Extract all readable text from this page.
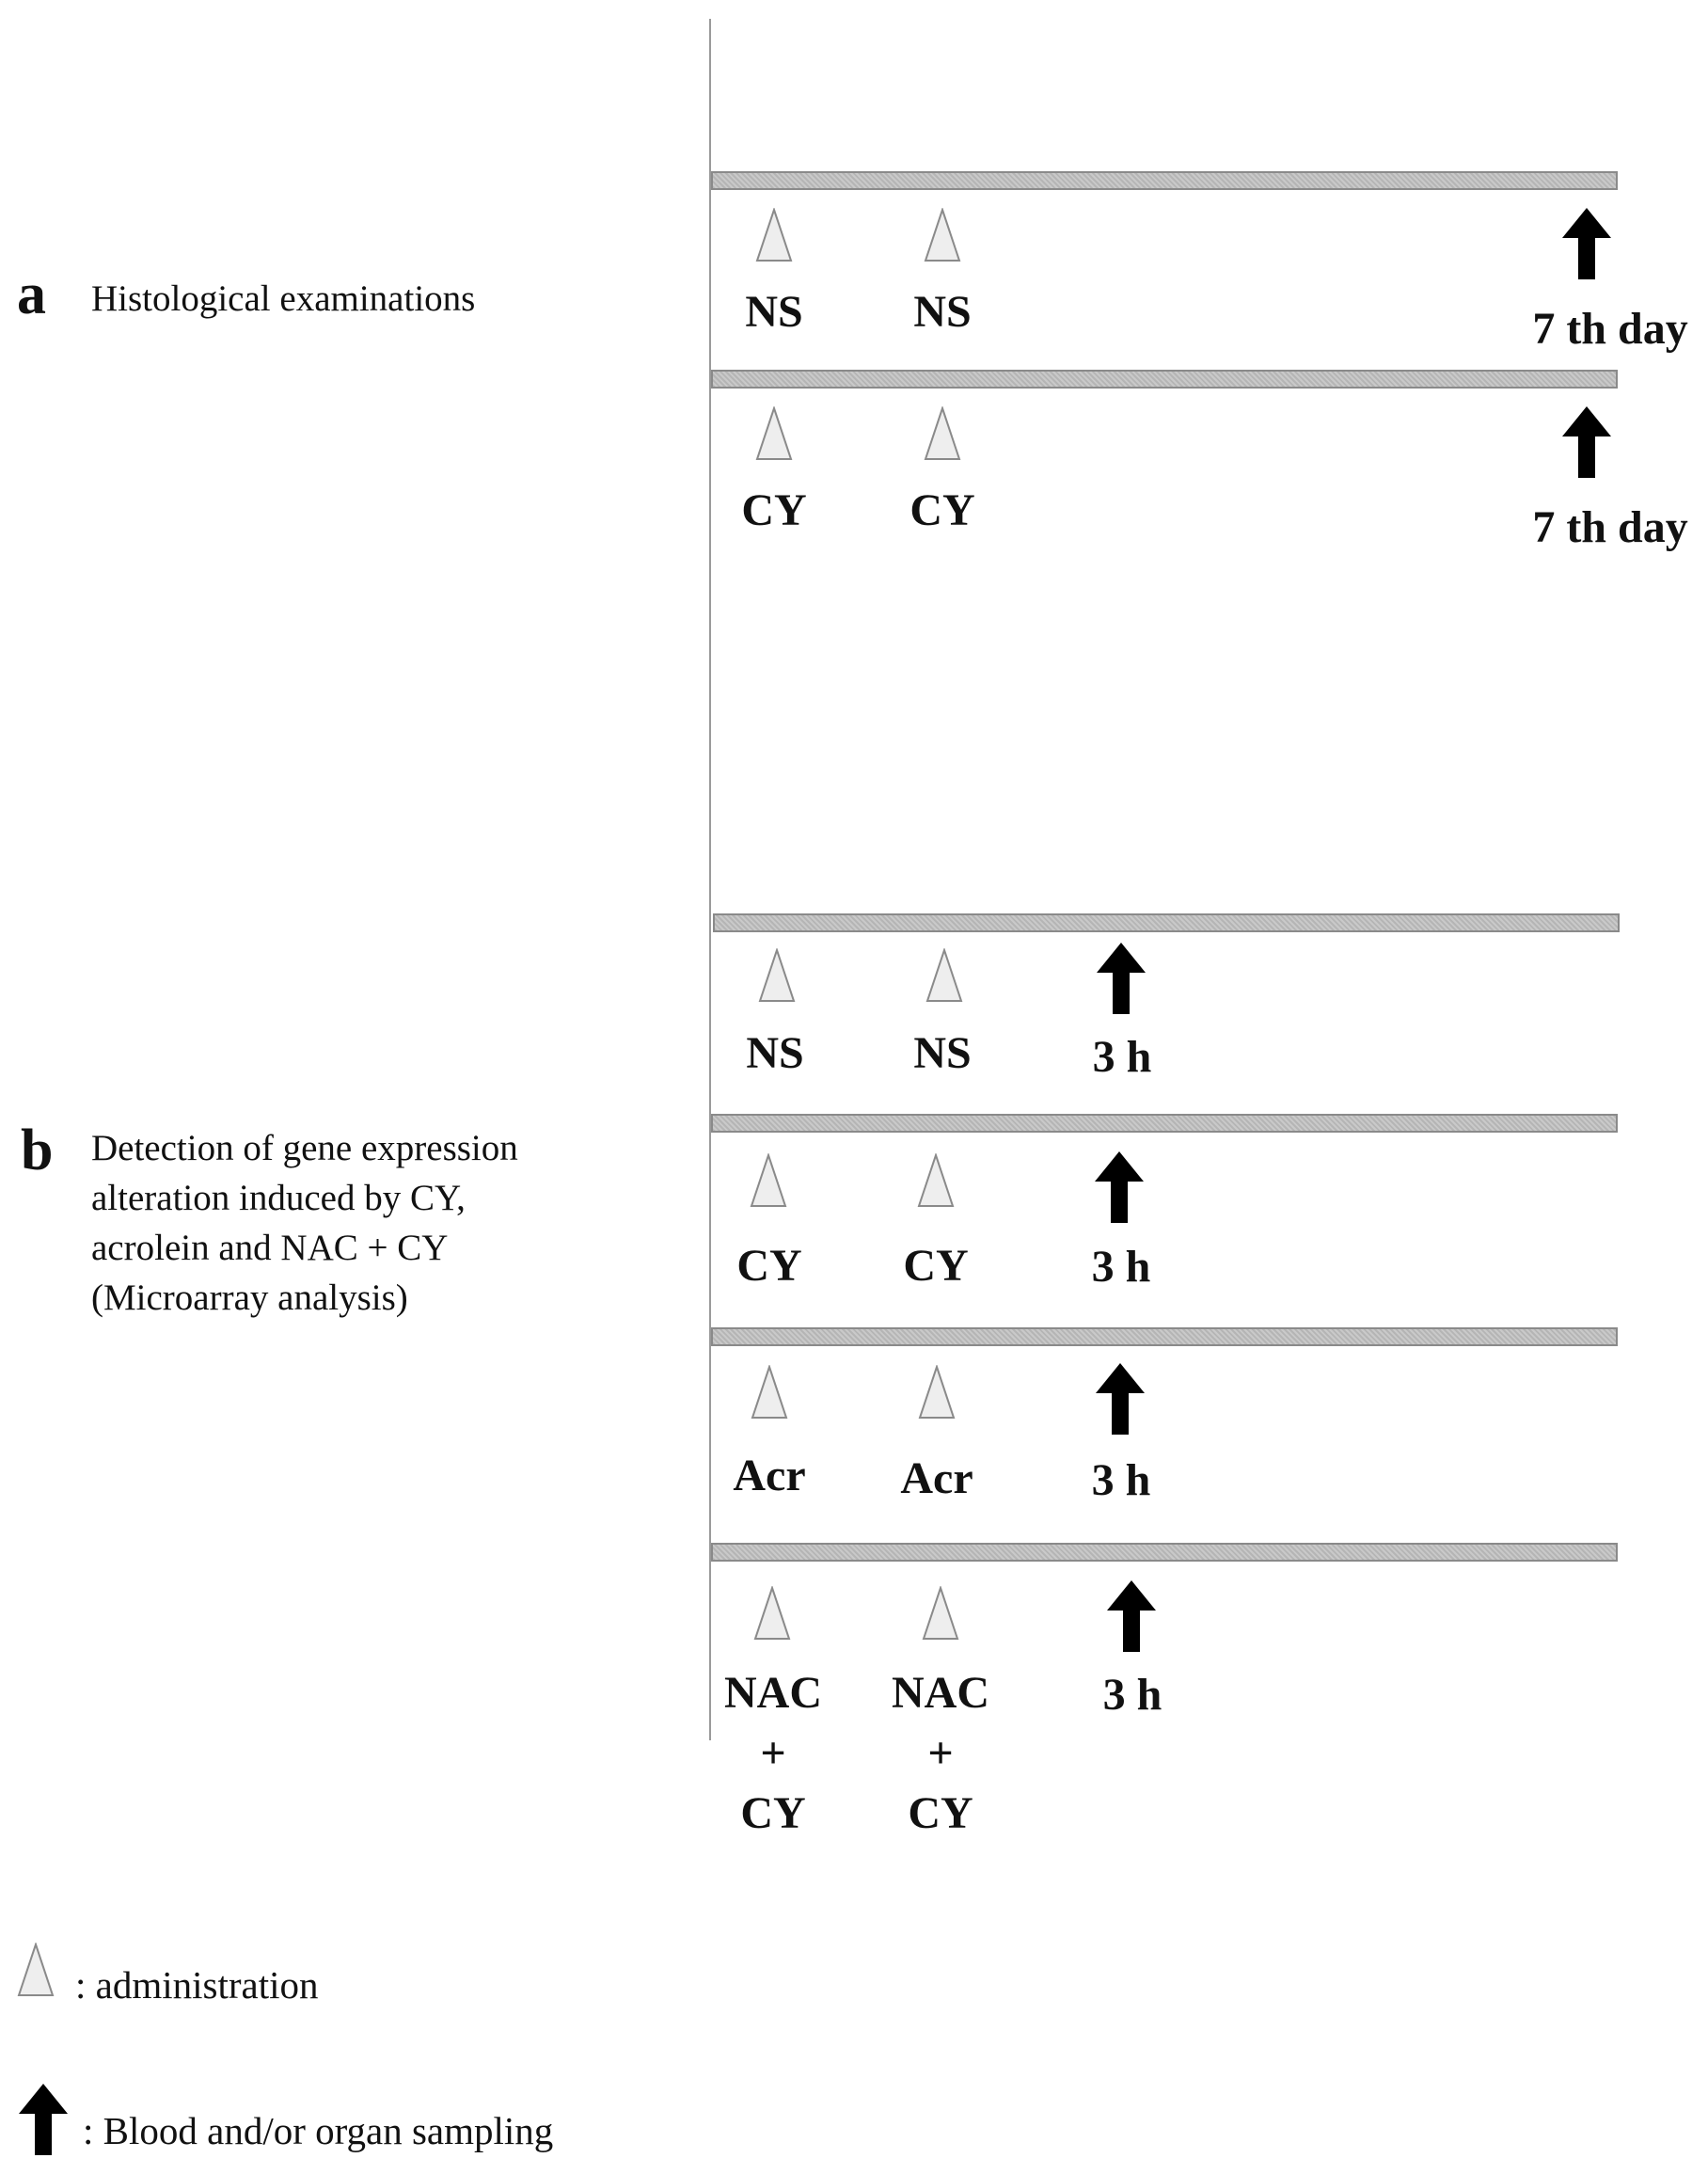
a Histological examinations	NS NS	7 th day
CY CY	7 th day
b Detection of gene expression
alteration induced by CY,
acrolein and NAC + CY
(Microarray analysis)
NS NS	3 h
CY CY	3 h
Acr Acr	3 h
NAC
+
CY
NAC
+
CY
3 h
: administration
: Blood and/or organ sampling
